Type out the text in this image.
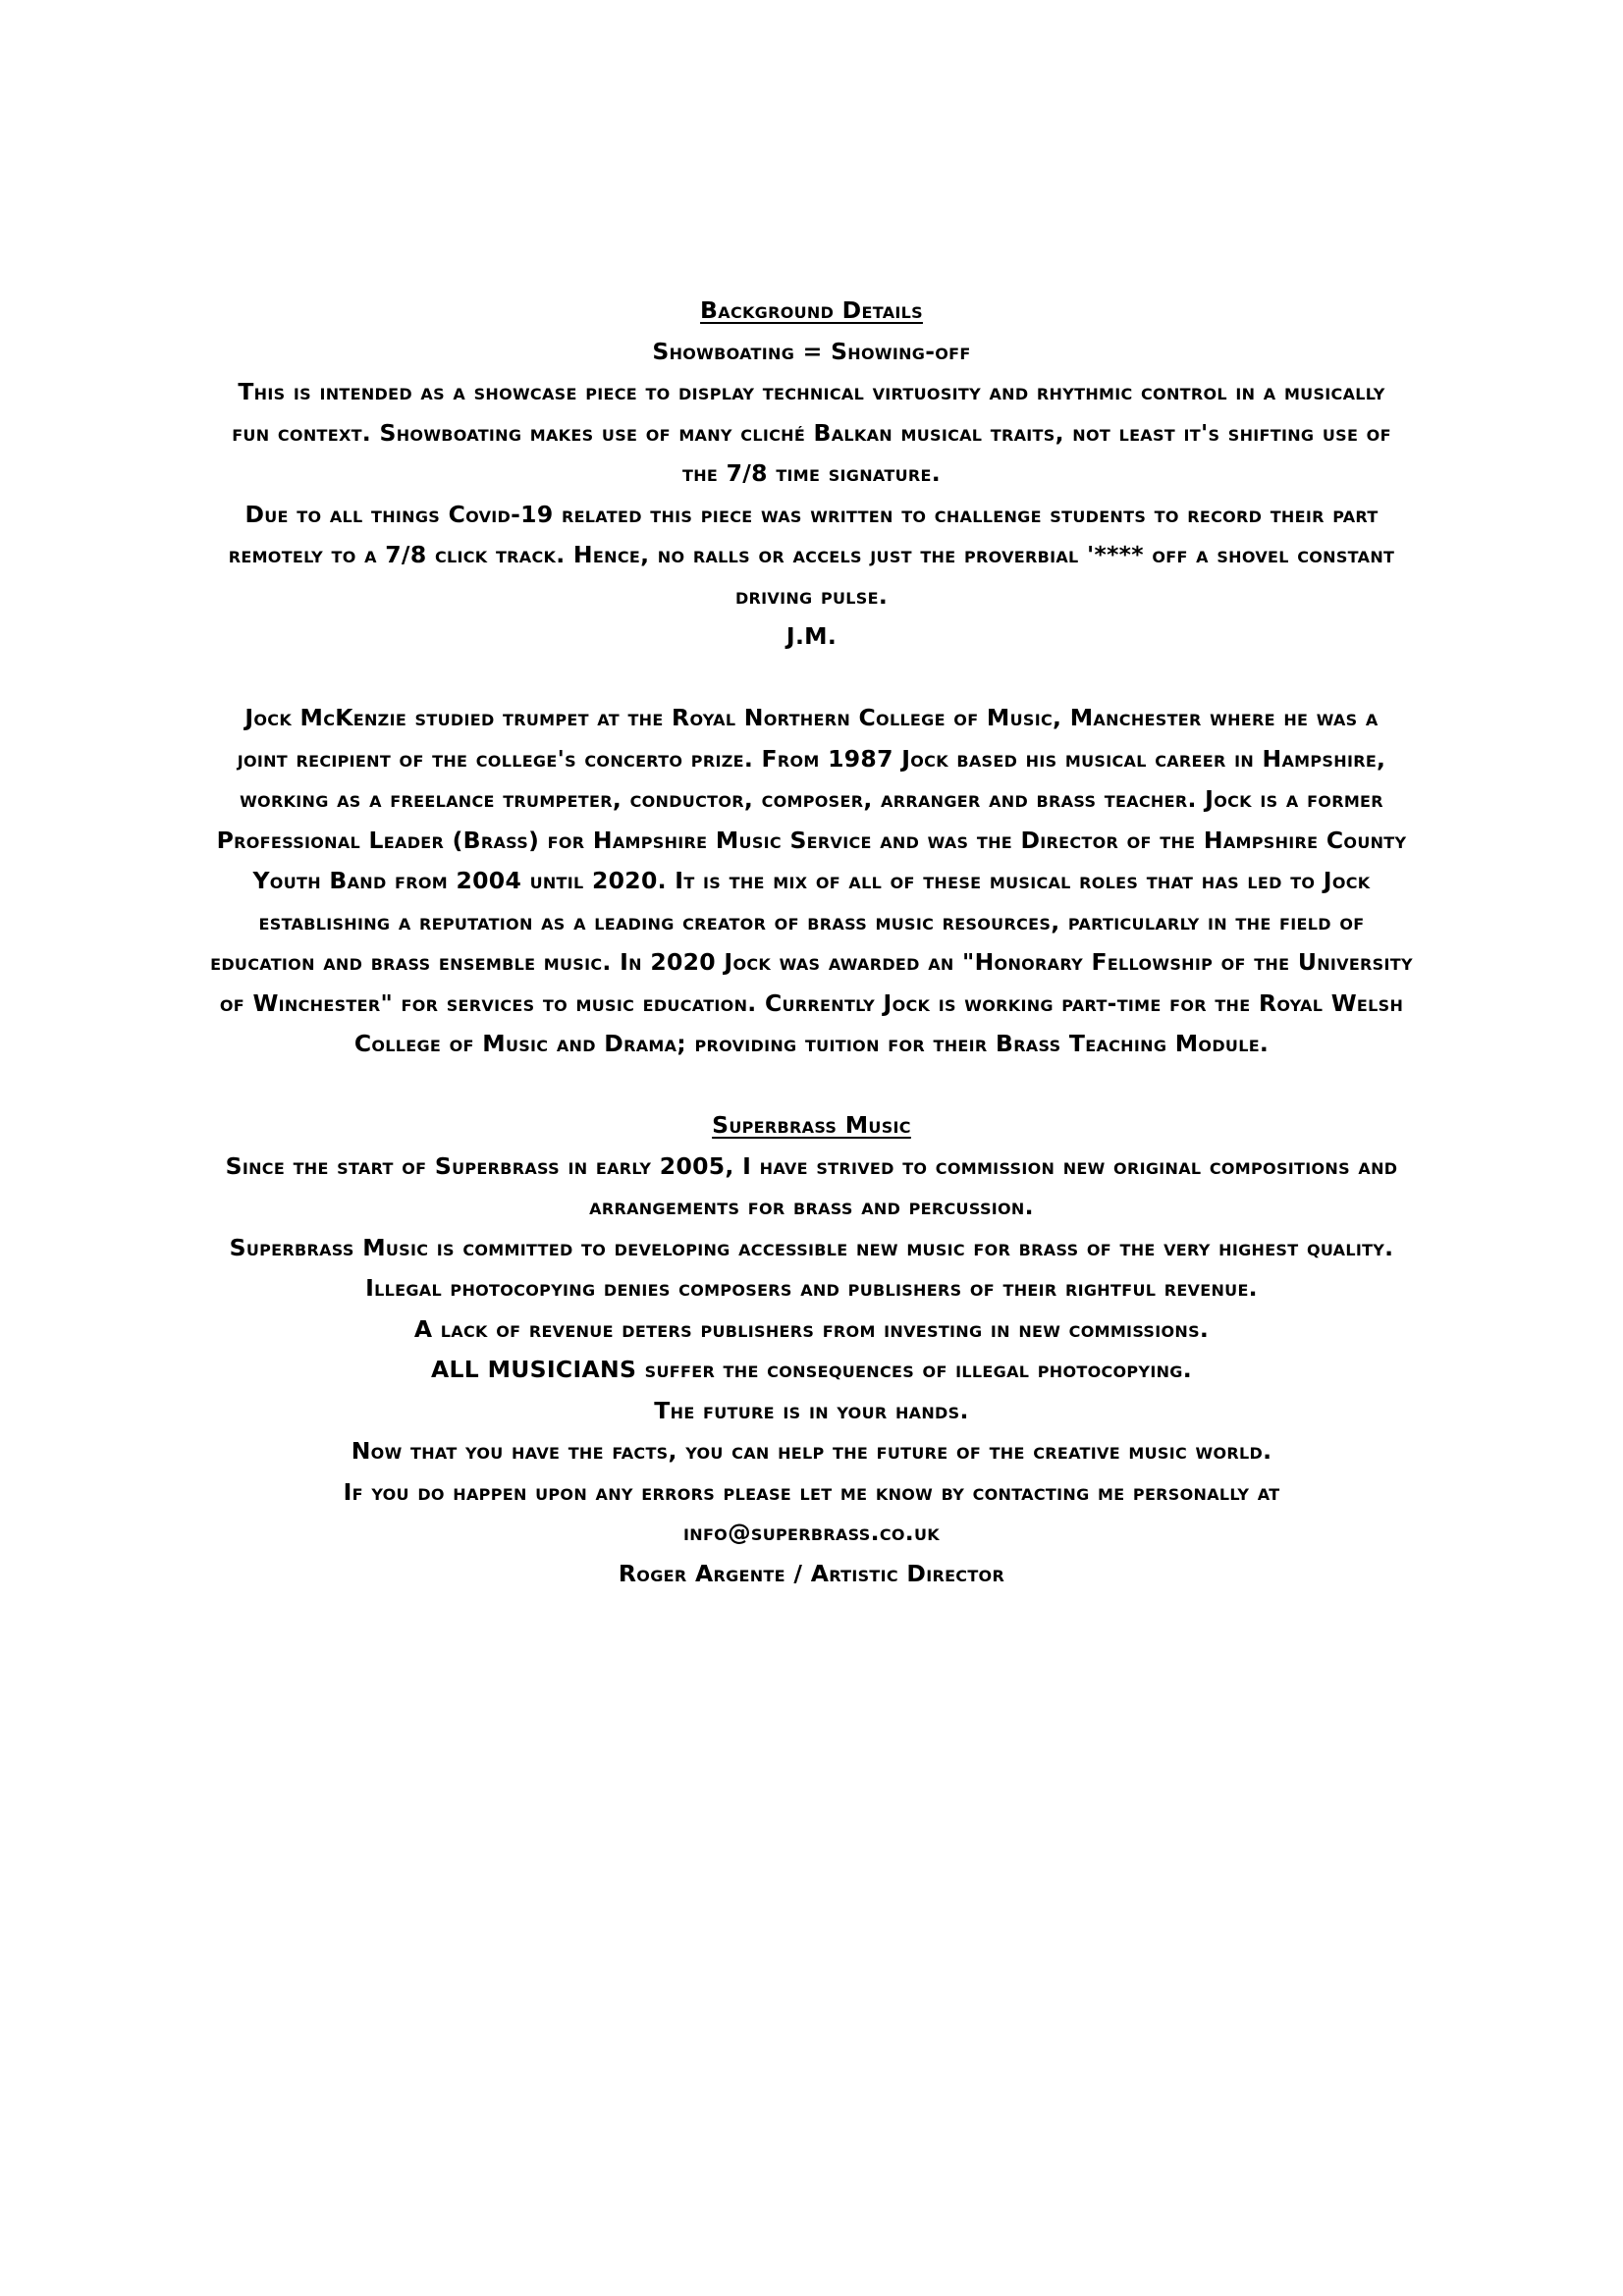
Background Details
Showboating = Showing-off
This is intended as a showcase piece to display technical virtuosity and rhythmic control in a musically
fun context. Showboating makes use of many cliché Balkan musical traits, not least it's shifting use of
the 7/8 time signature.
Due to all things Covid-19 related this piece was written to challenge students to record their part
remotely to a 7/8 click track. Hence, no ralls or accels just the proverbial '**** off a shovel constant
driving pulse.
J.M.
Jock McKenzie studied trumpet at the Royal Northern College of Music, Manchester where he was a
joint recipient of the college's concerto prize. From 1987 Jock based his musical career in Hampshire,
working as a freelance trumpeter, conductor, composer, arranger and brass teacher. Jock is a former
Professional Leader (Brass) for Hampshire Music Service and was the Director of the Hampshire County
Youth Band from 2004 until 2020. It is the mix of all of these musical roles that has led to Jock
establishing a reputation as a leading creator of brass music resources, particularly in the field of
education and brass ensemble music. In 2020 Jock was awarded an "Honorary Fellowship of the University
of Winchester" for services to music education. Currently Jock is working part-time for the Royal Welsh
College of Music and Drama; providing tuition for their Brass Teaching Module.
Superbrass Music
Since the start of Superbrass in early 2005, I have strived to commission new original compositions and
arrangements for brass and percussion.
Superbrass Music is committed to developing accessible new music for brass of the very highest quality.
Illegal photocopying denies composers and publishers of their rightful revenue.
A lack of revenue deters publishers from investing in new commissions.
ALL MUSICIANS suffer the consequences of illegal photocopying.
The future is in your hands.
Now that you have the facts, you can help the future of the creative music world.
If you do happen upon any errors please let me know by contacting me personally at
info@superbrass.co.uk
Roger Argente / Artistic Director
